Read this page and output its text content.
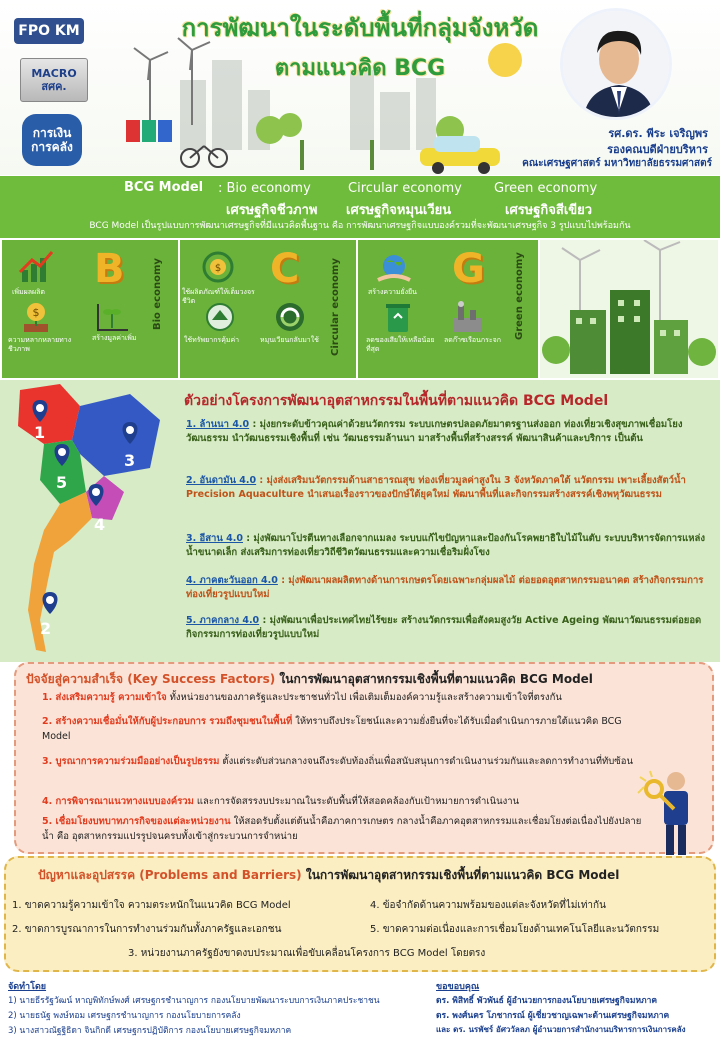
FPO KM
MACRO
สศค.
การเงิน
การคลัง
การพัฒนาในระดับพื้นที่กลุ่มจังหวัด
ตามแนวคิด BCG
รศ.ดร. พีระ เจริญพร
รองคณบดีฝ่ายบริหาร
คณะเศรษฐศาสตร์ มหาวิทยาลัยธรรมศาสตร์
BCG Model : Bio economy	Circular economy Green economy
เศรษฐกิจชีวภาพ เศรษฐกิจหมุนเวียน	เศรษฐกิจสีเขียว
BCG Model เป็นรูปแบบการพัฒนาเศรษฐกิจที่มีแนวคิดพื้นฐาน คือ การพัฒนาเศรษฐกิจแบบองค์รวมที่จะพัฒนาเศรษฐกิจ 3 รูปแบบไปพร้อมกัน
เพิ่มผลผลิต
$
ความหลากหลายทางชีวภาพ
สร้างมูลค่าเพิ่ม
B	Bio economy	$
ใช้ผลิตภัณฑ์ให้เต็มวงจรชีวิต
ใช้ทรัพยากรคุ้มค่า	หมุนเวียนกลับมาใช้
C	Circular economy	สร้างความยั่งยืน
ลดของเสียให้เหลือน้อยที่สุด
ลดก๊าซเรือนกระจก
G	Green economy
1
2
3
4
5
ตัวอย่างโครงการพัฒนาอุตสาหกรรมในพื้นที่ตามแนวคิด BCG Model
1. ล้านนา 4.0 : มุ่งยกระดับข้าวคุณค่าด้วยนวัตกรรม ระบบเกษตรปลอดภัยมาตรฐานส่งออก ท่องเที่ยวเชิงสุขภาพเชื่อมโยงวัฒนธรรม นำวัฒนธรรมเชิงพื้นที่ เช่น วัฒนธรรมล้านนา มาสร้างพื้นที่สร้างสรรค์ พัฒนาสินค้าและบริการ เป็นต้น
2. อันดามัน 4.0 : มุ่งส่งเสริมนวัตกรรมด้านสาธารณสุข ท่องเที่ยวมูลค่าสูงใน 3 จังหวัดภาคใต้ นวัตกรรม เพาะเลี้ยงสัตว์น้ำ Precision Aquaculture นำเสนอเรื่องราวของปักษ์ใต้ยุคใหม่ พัฒนาพื้นที่และกิจกรรมสร้างสรรค์เชิงพหุวัฒนธรรม
3. อีสาน 4.0 : มุ่งพัฒนาโปรตีนทางเลือกจากแมลง ระบบแก้ไขปัญหาและป้องกันโรคพยาธิใบไม้ในตับ ระบบบริหารจัดการแหล่งน้ำขนาดเล็ก ส่งเสริมการท่องเที่ยววิถีชีวิตวัฒนธรรมและความเชื่อริมฝั่งโขง
4. ภาคตะวันออก 4.0 : มุ่งพัฒนาผลผลิตทางด้านการเกษตรโดยเฉพาะกลุ่มผลไม้ ต่อยอดอุตสาหกรรมอนาคต สร้างกิจกรรมการท่องเที่ยวรูปแบบใหม่
5. ภาคกลาง 4.0 : มุ่งพัฒนาเพื่อประเทศไทยไร้ขยะ สร้างนวัตกรรมเพื่อสังคมสูงวัย Active Ageing พัฒนาวัฒนธรรมต่อยอดกิจกรรมการท่องเที่ยวรูปแบบใหม่
ปัจจัยสู่ความสำเร็จ (Key Success Factors) ในการพัฒนาอุตสาหกรรมเชิงพื้นที่ตามแนวคิด BCG Model
1. ส่งเสริมความรู้ ความเข้าใจ ทั้งหน่วยงานของภาครัฐและประชาชนทั่วไป เพื่อเติมเต็มองค์ความรู้และสร้างความเข้าใจที่ตรงกัน
2. สร้างความเชื่อมั่นให้กับผู้ประกอบการ รวมถึงชุมชนในพื้นที่ ให้ทราบถึงประโยชน์และความยั่งยืนที่จะได้รับเมื่อดำเนินการภายใต้แนวคิด BCG Model
3. บูรณาการความร่วมมืออย่างเป็นรูปธรรม ตั้งแต่ระดับส่วนกลางจนถึงระดับท้องถิ่นเพื่อสนับสนุนการดำเนินงานร่วมกันและลดการทำงานที่ทับซ้อน
4. การพิจารณาแนวทางแบบองค์รวม และการจัดสรรงบประมาณในระดับพื้นที่ให้สอดคล้องกับเป้าหมายการดำเนินงาน
5. เชื่อมโยงบทบาทภารกิจของแต่ละหน่วยงาน ให้สอดรับตั้งแต่ต้นน้ำคือภาคการเกษตร กลางน้ำคือภาคอุตสาหกรรมและเชื่อมโยงต่อเนื่องไปยังปลายน้ำ คือ อุตสาหกรรมแปรรูปจนครบทั้งเข้าสู่กระบวนการจำหน่าย
ปัญหาและอุปสรรค (Problems and Barriers) ในการพัฒนาอุตสาหกรรมเชิงพื้นที่ตามแนวคิด BCG Model
1. ขาดความรู้ความเข้าใจ ความตระหนักในแนวคิด BCG Model
2. ขาดการบูรณาการในการทำงานร่วมกันทั้งภาครัฐและเอกชน
3. หน่วยงานภาครัฐยังขาดงบประมาณเพื่อขับเคลื่อนโครงการ BCG Model โดยตรง
4. ข้อจำกัดด้านความพร้อมของแต่ละจังหวัดที่ไม่เท่ากัน
5. ขาดความต่อเนื่องและการเชื่อมโยงด้านเทคโนโลยีและนวัตกรรม
จัดทำโดย
1) นายธีรรัฐวัฒน์ หาญพิทักษ์พงศ์ เศรษฐกรชำนาญการ กองนโยบายพัฒนาระบบการเงินภาคประชาชน
2) นายธนัฐ พงษ์หอม เศรษฐกรชำนาญการ กองนโยบายการคลัง
3) นางสาวณัฐฐิธิดา จินกิกดี เศรษฐกรปฏิบัติการ กองนโยบายเศรษฐกิจมหภาค
ขอขอบคุณ
ดร. พิสิทธิ์ พัวพันธ์ ผู้อำนวยการกองนโยบายเศรษฐกิจมหภาค
ดร. พงศ์นคร โภชากรณ์ ผู้เชี่ยวชาญเฉพาะด้านเศรษฐกิจมหภาค
และ ดร. นรพัชร์ อัศววัลลภ ผู้อำนวยการสำนักงานบริหารการเงินการคลัง
